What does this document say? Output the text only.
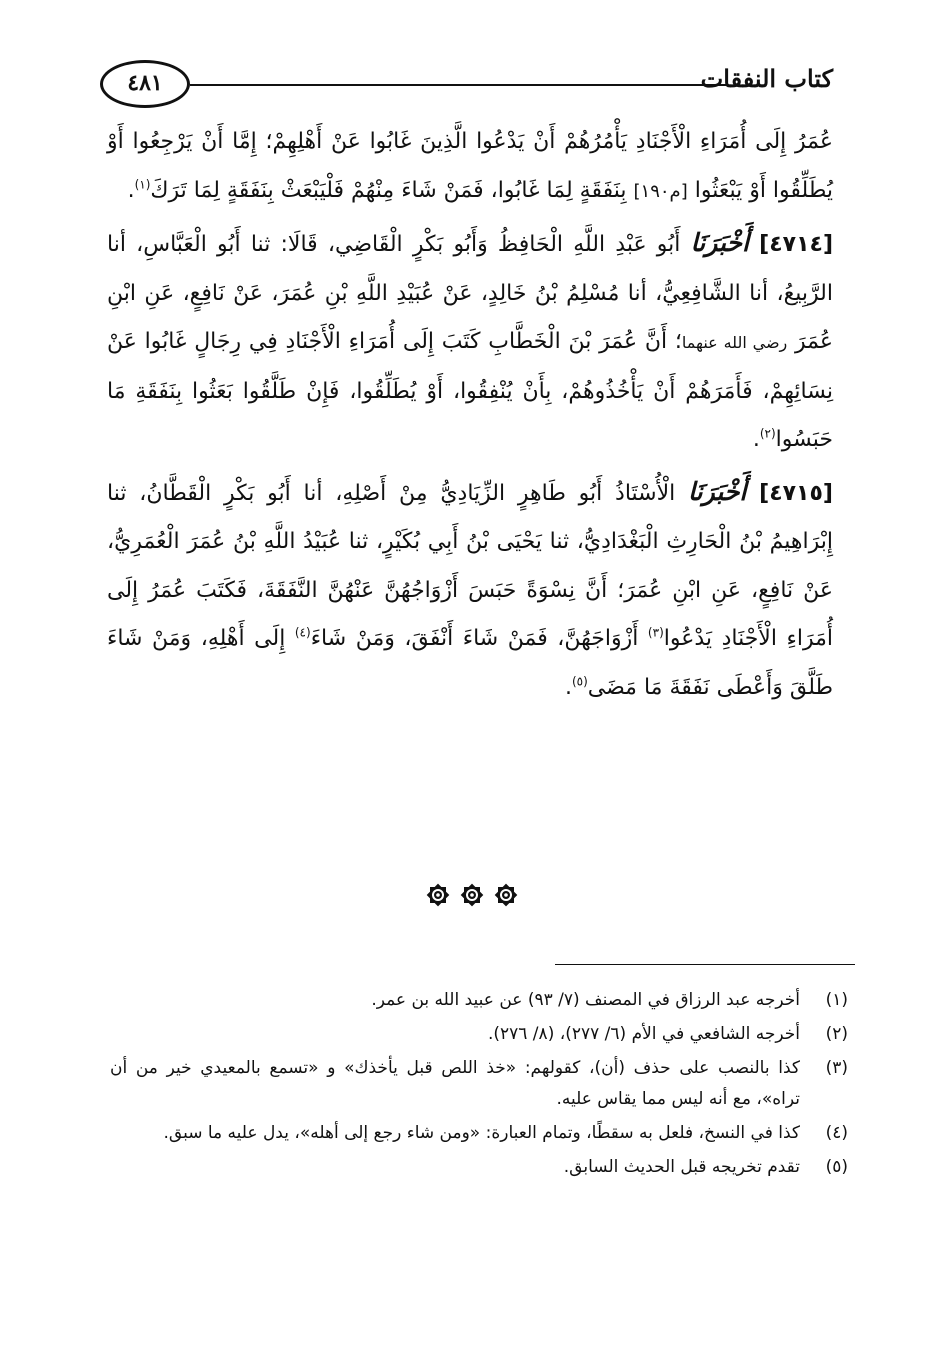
كتاب النفقات
٤٨١

عُمَرُ إِلَى أُمَرَاءِ الْأَجْنَادِ يَأْمُرُهُمْ أَنْ يَدْعُوا الَّذِينَ غَابُوا عَنْ أَهْلِهِمْ؛ إِمَّا أَنْ يَرْجِعُوا أَوْ يُطَلِّقُوا أَوْ يَبْعَثُوا [م١٩٠] بِنَفَقَةٍ لِمَا غَابُوا، فَمَنْ شَاءَ مِنْهُمْ فَلْيَبْعَثْ بِنَفَقَةٍ لِمَا تَرَكَ$^{(١)}$.

[٤٧١٤] أَخْبَرَنَا أَبُو عَبْدِ اللَّهِ الْحَافِظُ وَأَبُو بَكْرٍ الْقَاضِي، قَالَا: ثنا أَبُو الْعَبَّاسِ، أنا الرَّبِيعُ، أنا الشَّافِعِيُّ، أنا مُسْلِمُ بْنُ خَالِدٍ، عَنْ عُبَيْدِ اللَّهِ بْنِ عُمَرَ، عَنْ نَافِعٍ، عَنِ ابْنِ عُمَرَ رضي الله عنهما؛ أَنَّ عُمَرَ بْنَ الْخَطَّابِ كَتَبَ إِلَى أُمَرَاءِ الْأَجْنَادِ فِي رِجَالٍ غَابُوا عَنْ نِسَائِهِمْ، فَأَمَرَهُمْ أَنْ يَأْخُذُوهُمْ، بِأَنْ يُنْفِقُوا، أَوْ يُطَلِّقُوا، فَإِنْ طَلَّقُوا بَعَثُوا بِنَفَقَةِ مَا حَبَسُوا$^{(٢)}$.

[٤٧١٥] أَخْبَرَنَا الْأُسْتَاذُ أَبُو طَاهِرٍ الزِّيَادِيُّ مِنْ أَصْلِهِ، أنا أَبُو بَكْرٍ الْقَطَّانُ، ثنا إِبْرَاهِيمُ بْنُ الْحَارِثِ الْبَغْدَادِيُّ، ثنا يَحْيَى بْنُ أَبِي بُكَيْرٍ، ثنا عُبَيْدُ اللَّهِ بْنُ عُمَرَ الْعُمَرِيُّ، عَنْ نَافِعٍ، عَنِ ابْنِ عُمَرَ؛ أَنَّ نِسْوَةً حَبَسَ أَزْوَاجُهُنَّ عَنْهُنَّ النَّفَقَةَ، فَكَتَبَ عُمَرُ إِلَى أُمَرَاءِ الْأَجْنَادِ يَدْعُوا$^{(٣)}$ أَزْوَاجَهُنَّ، فَمَنْ شَاءَ أَنْفَقَ، وَمَنْ شَاءَ$^{(٤)}$ إِلَى أَهْلِهِ، وَمَنْ شَاءَ طَلَّقَ وَأَعْطَى نَفَقَةَ مَا مَضَى$^{(٥)}$.

(١)
أخرجه عبد الرزاق في المصنف (٧/ ٩٣) عن عبيد الله بن عمر.
(٢)
أخرجه الشافعي في الأم (٦/ ٢٧٧)، (٨/ ٢٧٦).
(٣)
كذا بالنصب على حذف (أن)، كقولهم: «خذ اللص قبل يأخذك» و «تسمع بالمعيدي خير من أن تراه»، مع أنه ليس مما يقاس عليه.
(٤)
كذا في النسخ، فلعل به سقطًا، وتمام العبارة: «ومن شاء رجع إلى أهله»، يدل عليه ما سبق.
(٥)
تقدم تخريجه قبل الحديث السابق.
